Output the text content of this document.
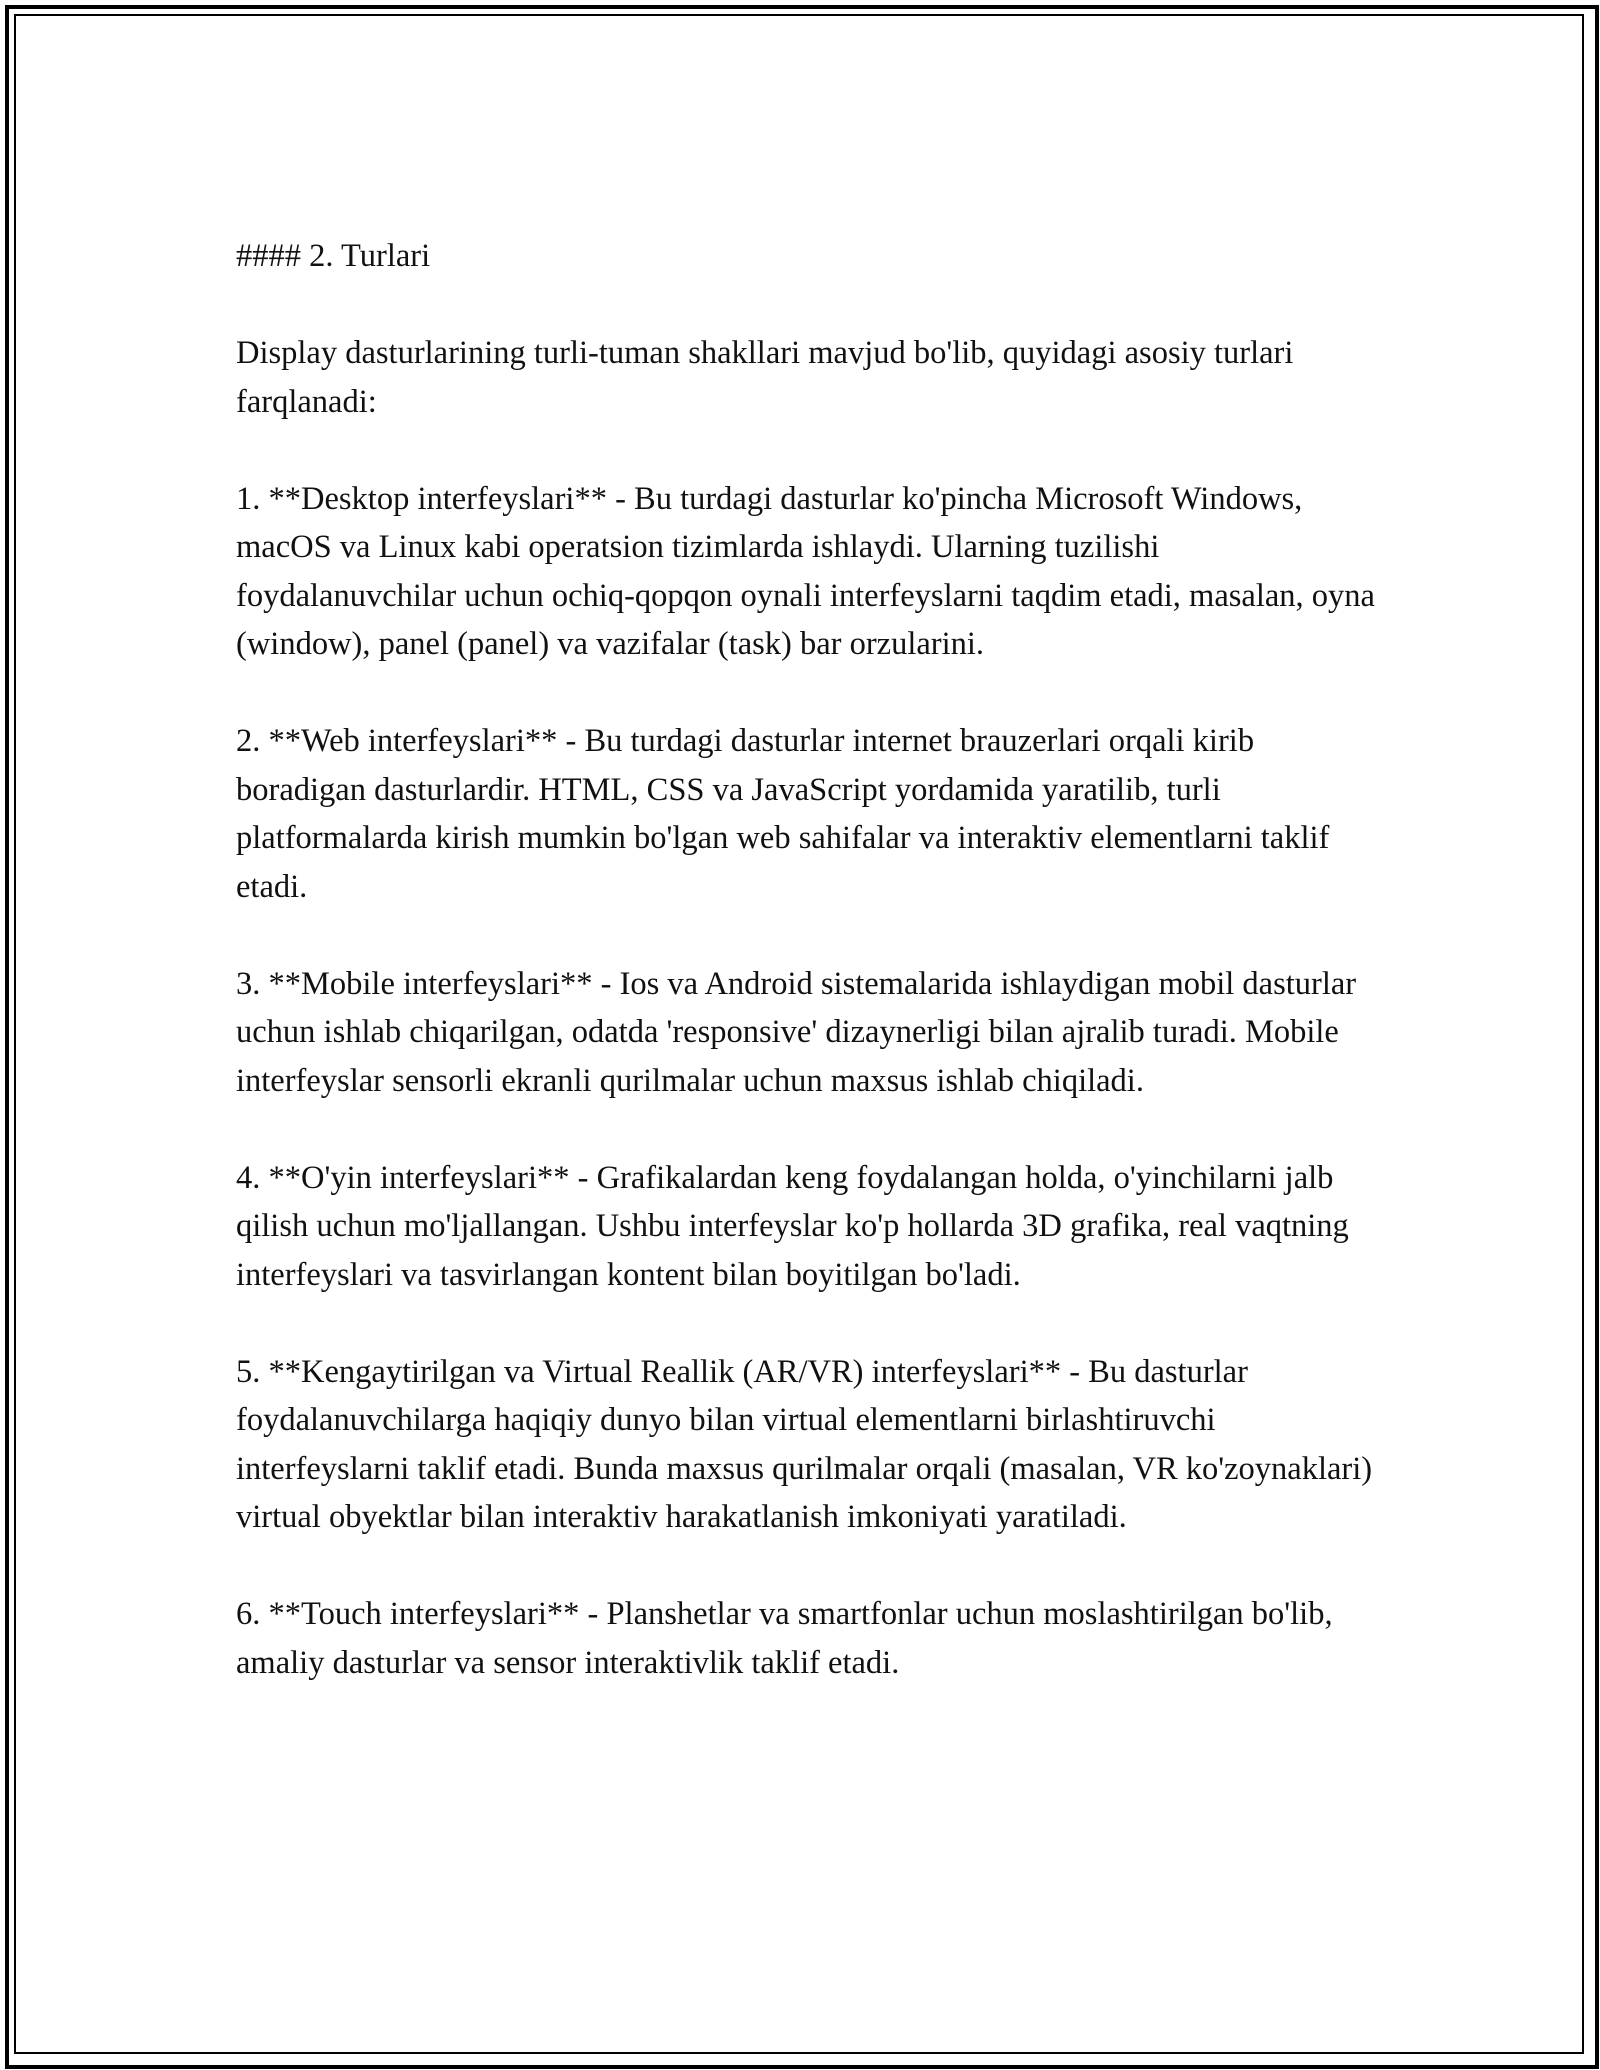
#### 2. Turlari

Display dasturlarining turli-tuman shakllari mavjud bo'lib, quyidagi asosiy turlari farqlanadi:

1. **Desktop interfeyslari** - Bu turdagi dasturlar ko'pincha Microsoft Windows, macOS va Linux kabi operatsion tizimlarda ishlaydi. Ularning tuzilishi foydalanuvchilar uchun ochiq-qopqon oynali interfeyslarni taqdim etadi, masalan, oyna (window), panel (panel) va vazifalar (task) bar orzularini.

2. **Web interfeyslari** - Bu turdagi dasturlar internet brauzerlari orqali kirib boradigan dasturlardir. HTML, CSS va JavaScript yordamida yaratilib, turli platformalarda kirish mumkin bo'lgan web sahifalar va interaktiv elementlarni taklif etadi.

3. **Mobile interfeyslari** - Ios va Android sistemalarida ishlaydigan mobil dasturlar uchun ishlab chiqarilgan, odatda 'responsive' dizaynerligi bilan ajralib turadi. Mobile interfeyslar sensorli ekranli qurilmalar uchun maxsus ishlab chiqiladi.

4. **O'yin interfeyslari** - Grafikalardan keng foydalangan holda, o'yinchilarni jalb qilish uchun mo'ljallangan. Ushbu interfeyslar ko'p hollarda 3D grafika, real vaqtning interfeyslari va tasvirlangan kontent bilan boyitilgan bo'ladi.

5. **Kengaytirilgan va Virtual Reallik (AR/VR) interfeyslari** - Bu dasturlar foydalanuvchilarga haqiqiy dunyo bilan virtual elementlarni birlashtiruvchi interfeyslarni taklif etadi. Bunda maxsus qurilmalar orqali (masalan, VR ko'zoynaklari) virtual obyektlar bilan interaktiv harakatlanish imkoniyati yaratiladi.

6. **Touch interfeyslari** - Planshetlar va smartfonlar uchun moslashtirilgan bo'lib, amaliy dasturlar va sensor interaktivlik taklif etadi.
